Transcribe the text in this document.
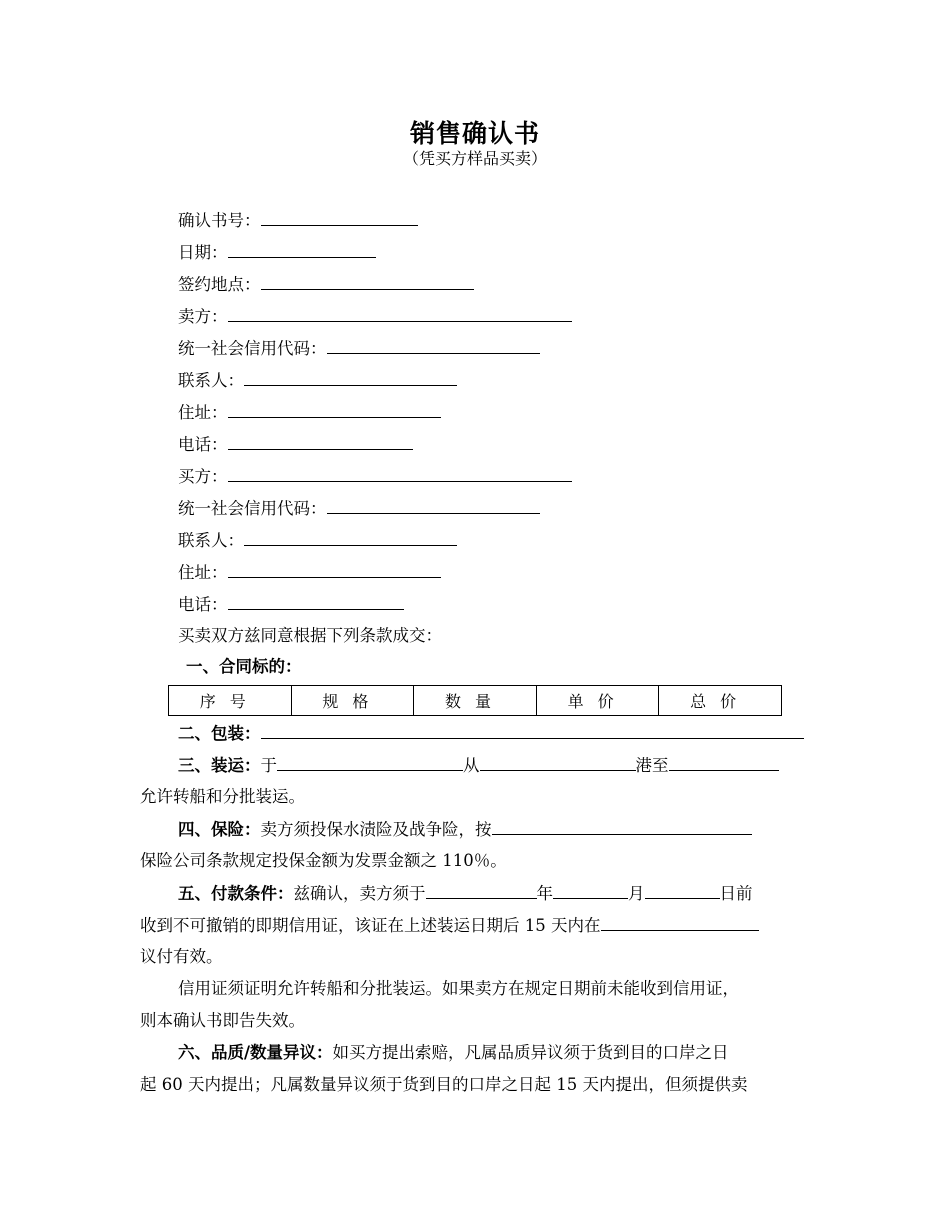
销售确认书
（凭买方样品买卖）
确认书号：
日期：
签约地点：
卖方：
统一社会信用代码：
联系人：
住址：
电话：
买方：
统一社会信用代码：
联系人：
住址：
电话：
买卖双方兹同意根据下列条款成交：
一、合同标的：
序号	规格	数量	单价	总价
二、包装：
三、装运：于	从	港至
允许转船和分批装运。
四、保险：卖方须投保水渍险及战争险，按
保险公司条款规定投保金额为发票金额之 110％。
五、付款条件：兹确认，卖方须于	年	月	日前
收到不可撤销的即期信用证，该证在上述装运日期后 15 天内在
议付有效。
信用证须证明允许转船和分批装运。如果卖方在规定日期前未能收到信用证，
则本确认书即告失效。
六、品质/数量异议：如买方提出索赔，凡属品质异议须于货到目的口岸之日
起 60 天内提出；凡属数量异议须于货到目的口岸之日起 15 天内提出，但须提供卖
